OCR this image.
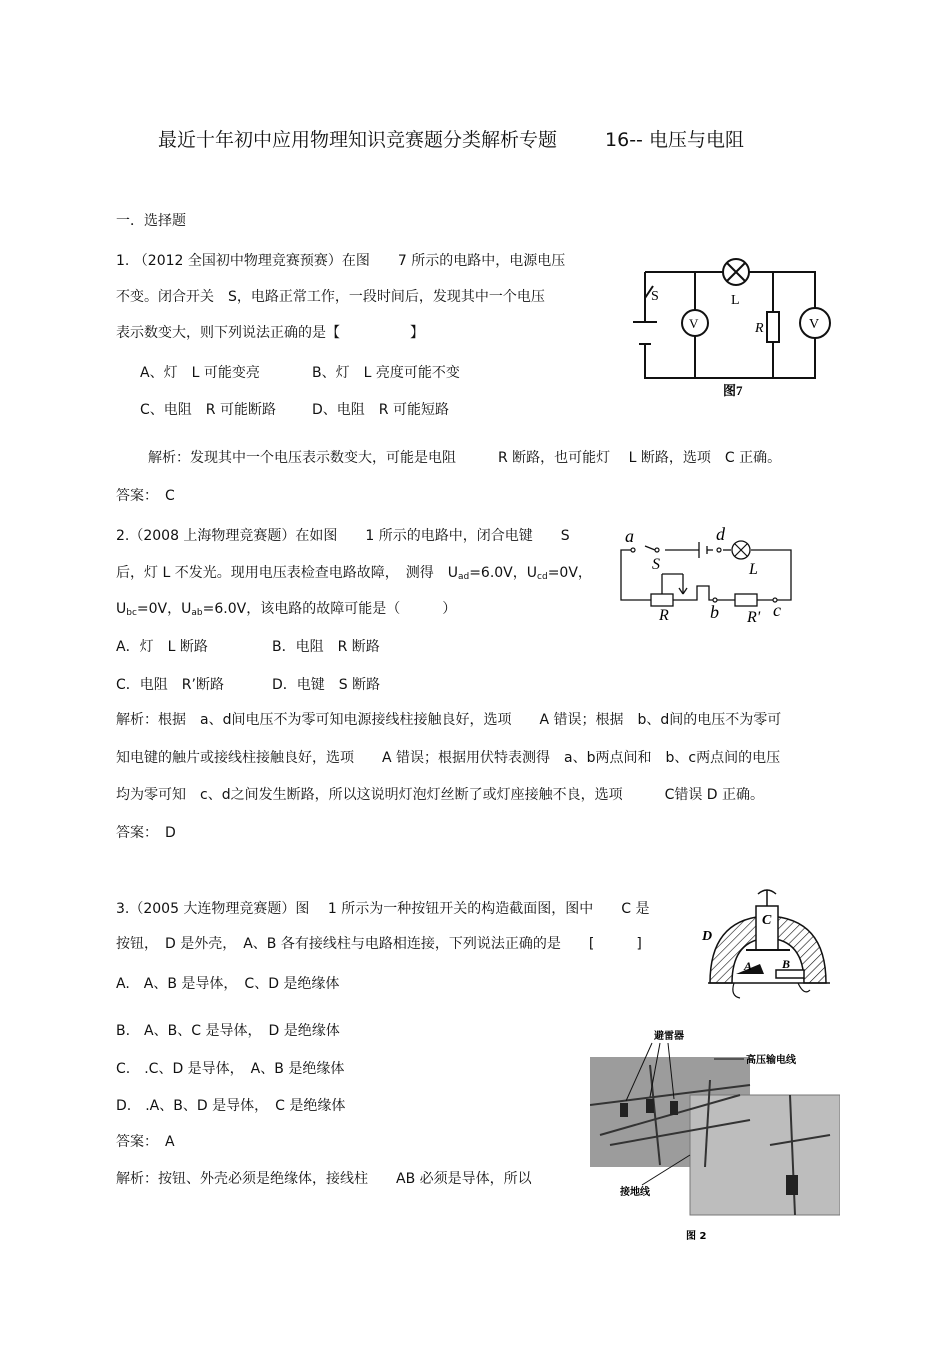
最近十年初中应用物理知识竞赛题分类解析专题	16-- 电压与电阻
一．选择题
1. （2012 全国初中物理竞赛预赛）在图　　7 所示的电路中，电源电压
不变。闭合开关　S，电路正常工作，一段时间后，发现其中一个电压
表示数变大，则下列说法正确的是【　　　　　】
A、灯　L 可能变亮	B、灯　L 亮度可能不变
C、电阻　R 可能断路	D、电阻　R 可能短路
解析：发现其中一个电压表示数变大，可能是电阻　　　R 断路，也可能灯　 L 断路，选项　C 正确。
答案：　C
S	L
R
V	V
图7
2.（2008 上海物理竞赛题）在如图　　1 所示的电路中，闭合电键　　S
后，灯 L 不发光。现用电压表检查电路故障，　测得　$U_{ad}=6.0V$，$U_{cd}=0V$，
$U_{bc}=0V$，$U_{ab}=6.0V$，该电路的故障可能是（　　　）
A．灯　L 断路	B．电阻　R 断路
C．电阻　R’断路	D．电键　S 断路
解析：根据　a、d间电压不为零可知电源接线柱接触良好，选项　　A 错误；根据　b、d间的电压不为零可
知电键的触片或接线柱接触良好，选项　　A 错误；根据用伏特表测得　a、b两点间和　b、c两点间的电压
均为零可知　c、d之间发生断路，所以这说明灯泡灯丝断了或灯座接触不良，选项　　　C错误 D 正确。
答案：　D
a	d
S	L
R b R' c
3.（2005 大连物理竞赛题）图　 1 所示为一种按钮开关的构造截面图，图中　　C 是
按钮，　D 是外壳，　A、B 各有接线柱与电路相连接，下列说法正确的是　　[　　　]
A.　A、B 是导体，　C、D 是绝缘体
B.　A、B、C 是导体，　D 是绝缘体
C.　.C、D 是导体，　A、B 是绝缘体
D.　.A、B、D 是导体，　C 是绝缘体
答案：　A
解析：按钮、外壳必须是绝缘体，接线柱　　AB 必须是导体，所以
C
D
A B
避雷器
高压输电线
接地线
图 2
